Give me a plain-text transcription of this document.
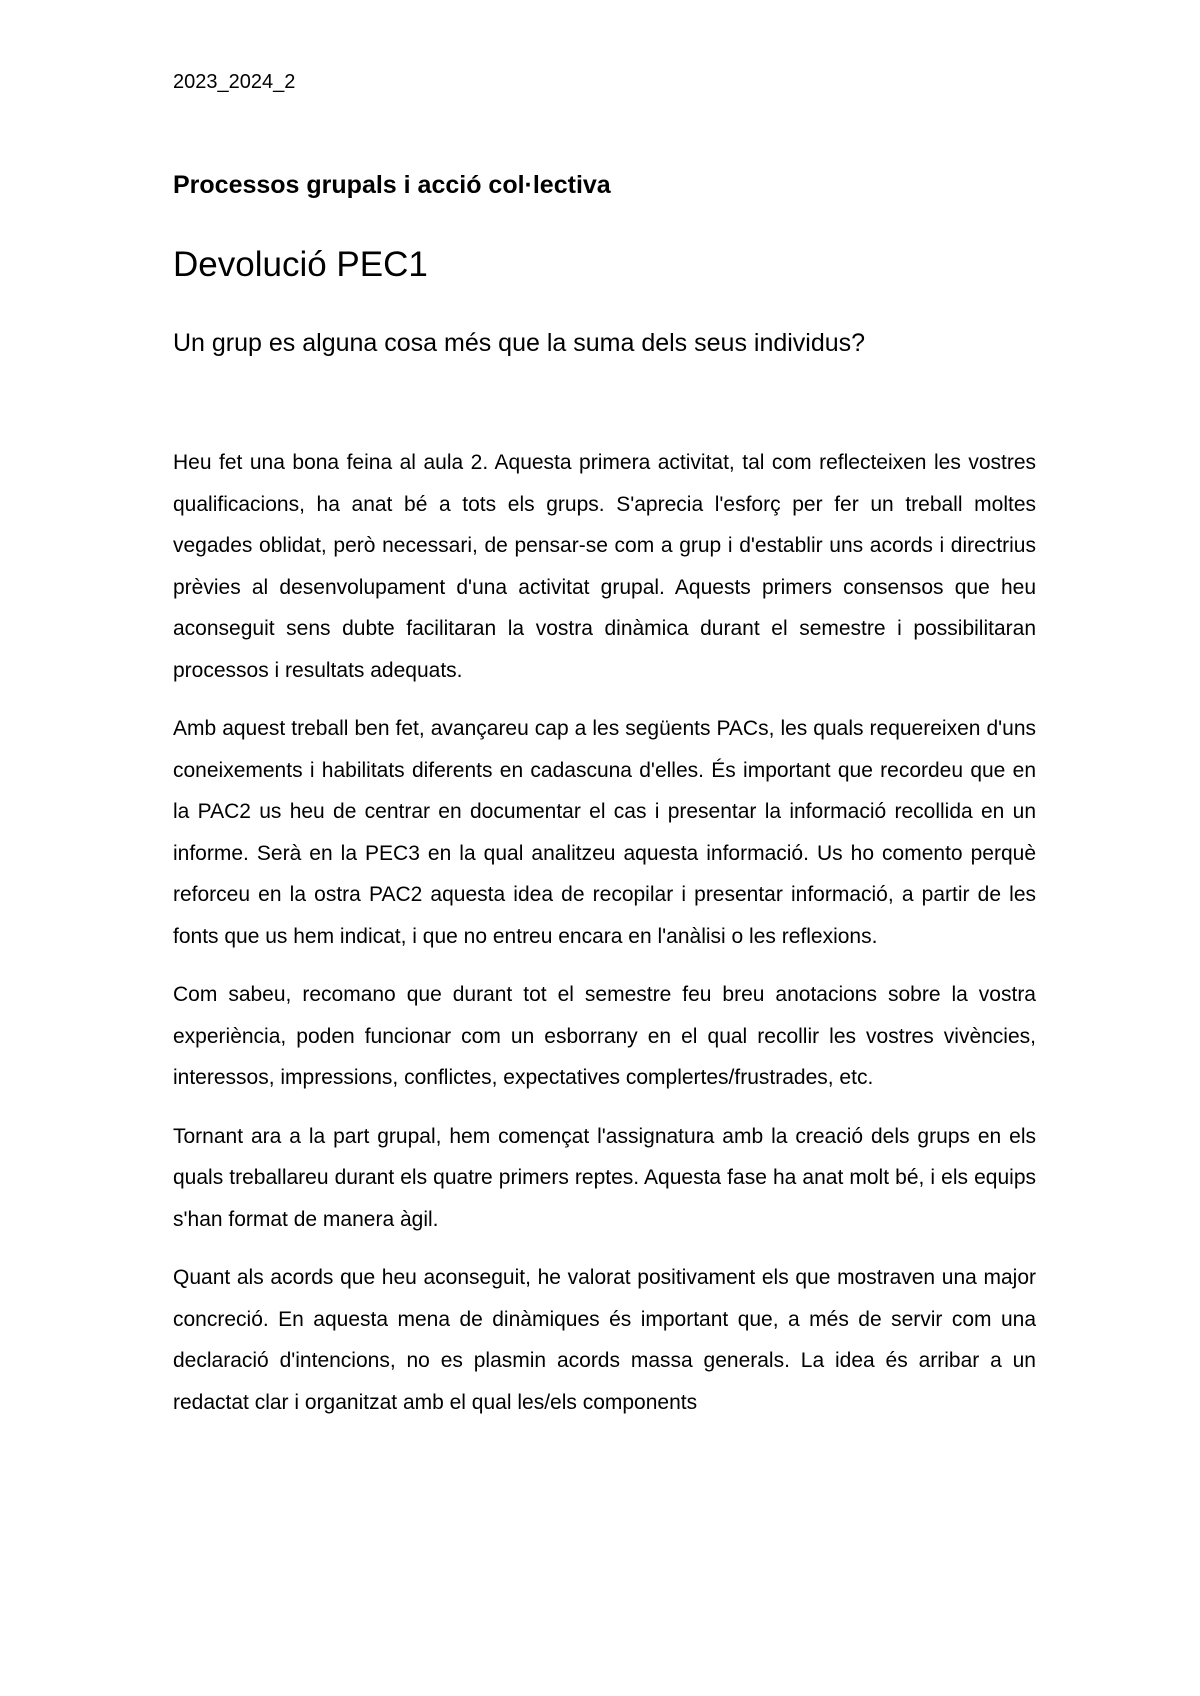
2023_2024_2

Processos grupals i acció col·lectiva

Devolució PEC1
Un grup es alguna cosa més que la suma dels seus individus?

Heu fet una bona feina al aula 2. Aquesta primera activitat, tal com reflecteixen les vostres qualificacions, ha anat bé a tots els grups. S'aprecia l'esforç per fer un treball moltes vegades oblidat, però necessari, de pensar-se com a grup i d'establir uns acords i directrius prèvies al desenvolupament d'una activitat grupal. Aquests primers consensos que heu aconseguit sens dubte facilitaran la vostra dinàmica durant el semestre i possibilitaran processos i resultats adequats.

Amb aquest treball ben fet, avançareu cap a les següents PACs, les quals requereixen d'uns coneixements i habilitats diferents en cadascuna d'elles. És important que recordeu que en la PAC2 us heu de centrar en documentar el cas i presentar la informació recollida en un informe. Serà en la PEC3 en la qual analitzeu aquesta informació. Us ho comento perquè reforceu en la ostra PAC2 aquesta idea de recopilar i presentar informació, a partir de les fonts que us hem indicat, i que no entreu encara en l'anàlisi o les reflexions.

Com sabeu, recomano que durant tot el semestre feu breu anotacions sobre la vostra experiència, poden funcionar com un esborrany en el qual recollir les vostres vivències, interessos, impressions, conflictes, expectatives complertes/frustrades, etc.

Tornant ara a la part grupal, hem començat l'assignatura amb la creació dels grups en els quals treballareu durant els quatre primers reptes. Aquesta fase ha anat molt bé, i els equips s'han format de manera àgil.

Quant als acords que heu aconseguit, he valorat positivament els que mostraven una major concreció. En aquesta mena de dinàmiques és important que, a més de servir com una declaració d'intencions, no es plasmin acords massa generals. La idea és arribar a un redactat clar i organitzat amb el qual les/els components
